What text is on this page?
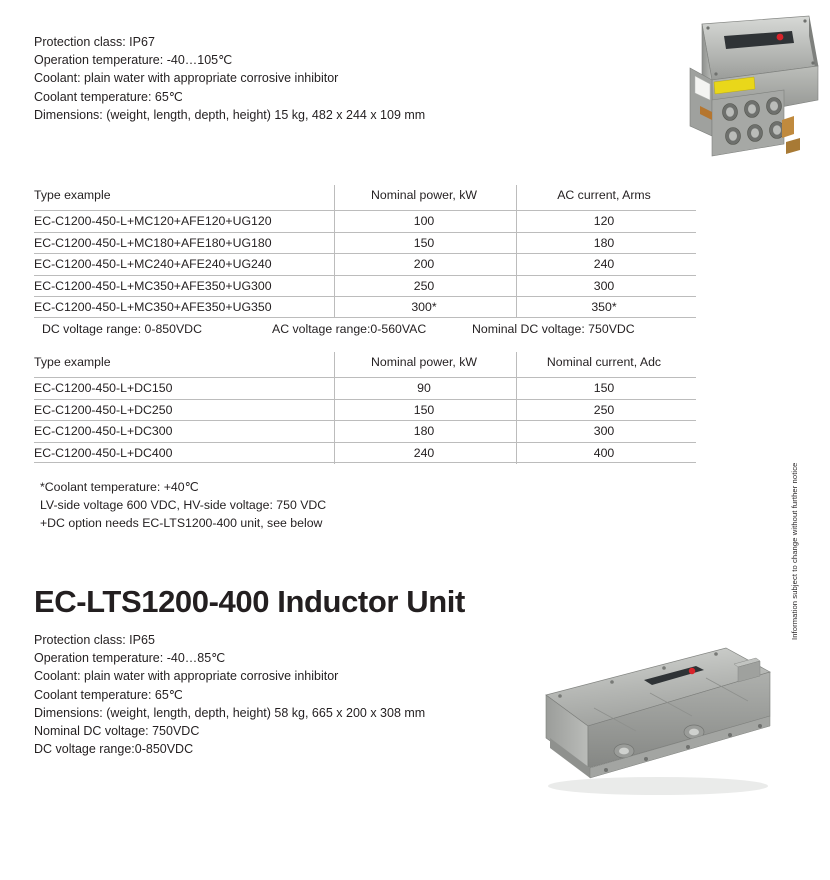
Protection class: IP67
Operation temperature: -40…105℃
Coolant: plain water with appropriate corrosive inhibitor
Coolant temperature: 65℃
Dimensions: (weight, length, depth, height) 15 kg, 482 x 244 x 109 mm
Type example	Nominal power, kW	AC current, Arms
EC-C1200-450-L+MC120+AFE120+UG120	100	120
EC-C1200-450-L+MC180+AFE180+UG180	150	180
EC-C1200-450-L+MC240+AFE240+UG240	200	240
EC-C1200-450-L+MC350+AFE350+UG300	250	300
EC-C1200-450-L+MC350+AFE350+UG350	300*	350*
DC voltage range: 0-850VDC	AC voltage range:0-560VAC	Nominal DC voltage: 750VDC
Type example	Nominal power, kW	Nominal current, Adc
EC-C1200-450-L+DC150	90	150
EC-C1200-450-L+DC250	150	250
EC-C1200-450-L+DC300	180	300
EC-C1200-450-L+DC400	240	400
*Coolant temperature: +40℃
LV-side voltage 600 VDC, HV-side voltage: 750 VDC
+DC option needs EC-LTS1200-400 unit, see below
EC-LTS1200-400 Inductor Unit
Protection class: IP65
Operation temperature: -40…85℃
Coolant: plain water with appropriate corrosive inhibitor
Coolant temperature: 65℃
Dimensions: (weight, length, depth, height) 58 kg, 665 x 200 x 308 mm
Nominal DC voltage: 750VDC
DC voltage range:0-850VDC
Information subject to change without further notice
